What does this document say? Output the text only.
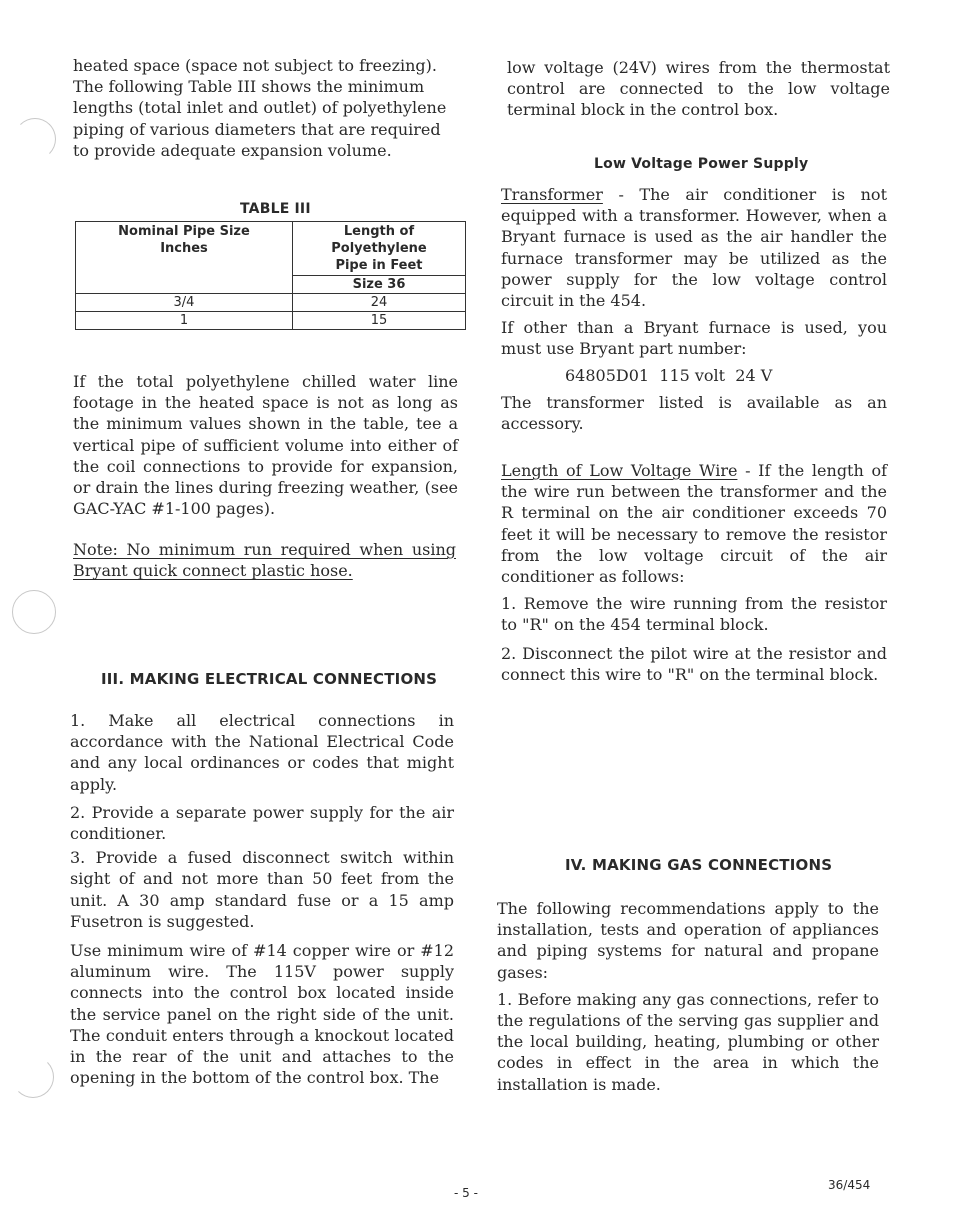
heated space (space not subject to freezing).
The following Table III shows the minimum
lengths (total inlet and outlet) of polyethylene
piping of various diameters that are required
to provide adequate expansion volume.
TABLE III
Nominal Pipe Size Inches	Length of Polyethylene Pipe in Feet
	Size 36
3/4	24
1	15

If the total polyethylene chilled water line footage in the heated space is not as long as the minimum values shown in the table, tee a vertical pipe of sufficient volume into either of the coil connections to provide for expansion, or drain the lines during freezing weather, (see GAC-YAC #1-100 pages).

Note: No minimum run required when using Bryant quick connect plastic hose.

III. MAKING ELECTRICAL CONNECTIONS

1. Make all electrical connections in accordance with the National Electrical Code and any local ordinances or codes that might apply.

2. Provide a separate power supply for the air conditioner.

3. Provide a fused disconnect switch within sight of and not more than 50 feet from the unit. A 30 amp standard fuse or a 15 amp Fusetron is suggested.

Use minimum wire of #14 copper wire or #12 aluminum wire. The 115V power supply connects into the control box located inside the service panel on the right side of the unit. The conduit enters through a knockout located in the rear of the unit and attaches to the opening in the bottom of the control box. The

low voltage (24V) wires from the thermostat control are connected to the low voltage terminal block in the control box.

Low Voltage Power Supply

Transformer - The air conditioner is not equipped with a transformer. However, when a Bryant furnace is used as the air handler the furnace transformer may be utilized as the power supply for the low voltage control circuit in the 454.

If other than a Bryant furnace is used, you must use Bryant part number:

64805D01  115 volt  24 V

The transformer listed is available as an accessory.

Length of Low Voltage Wire - If the length of the wire run between the transformer and the R terminal on the air conditioner exceeds 70 feet it will be necessary to remove the resistor from the low voltage circuit of the air conditioner as follows:

1. Remove the wire running from the resistor to "R" on the 454 terminal block.

2. Disconnect the pilot wire at the resistor and connect this wire to "R" on the terminal block.

IV. MAKING GAS CONNECTIONS

The following recommendations apply to the installation, tests and operation of appliances and piping systems for natural and propane gases:

1. Before making any gas connections, refer to the regulations of the serving gas supplier and the local building, heating, plumbing or other codes in effect in the area in which the installation is made.

- 5 -
36/454
